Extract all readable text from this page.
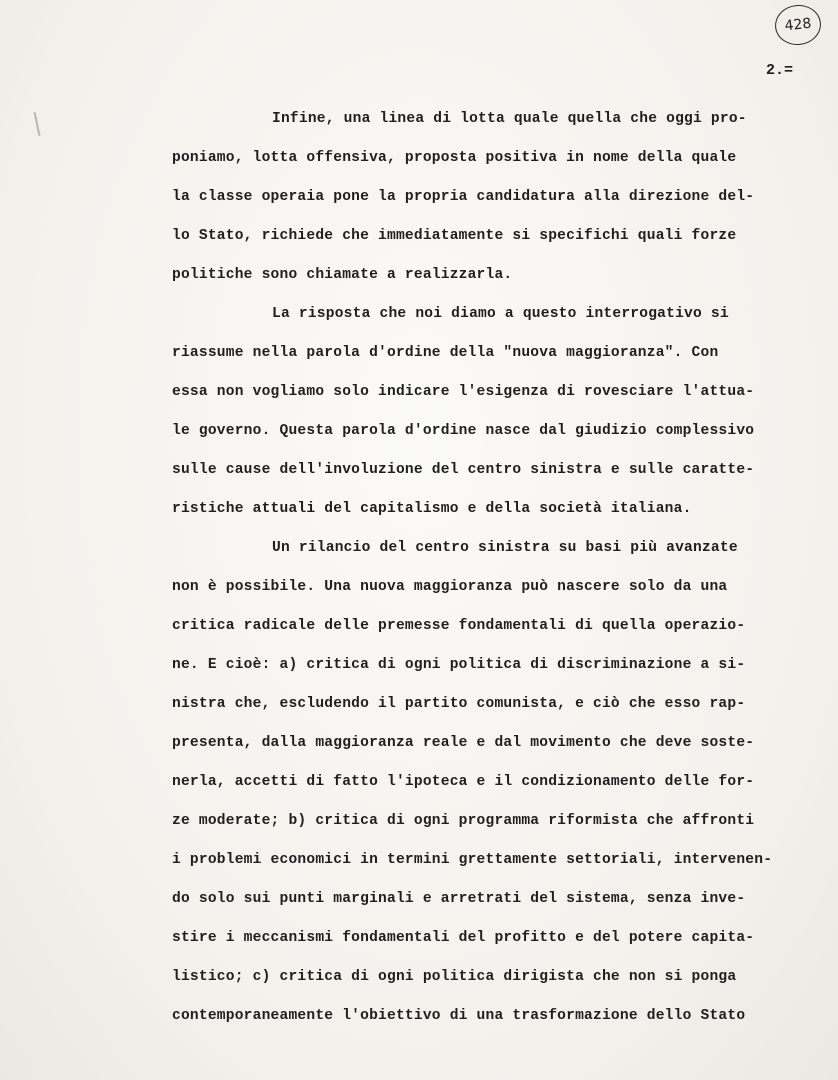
428
2.=
Infine, una linea di lotta quale quella che oggi pro-
poniamo, lotta offensiva, proposta positiva in nome della quale
la classe operaia pone la propria candidatura alla direzione del-
lo Stato, richiede che immediatamente si specifichi quali forze
politiche sono chiamate a realizzarla.
La risposta che noi diamo a questo interrogativo si
riassume nella parola d'ordine della "nuova maggioranza". Con
essa non vogliamo solo indicare l'esigenza di rovesciare l'attua-
le governo. Questa parola d'ordine nasce dal giudizio complessivo
sulle cause dell'involuzione del centro sinistra e sulle caratte-
ristiche attuali del capitalismo e della società italiana.
Un rilancio del centro sinistra su basi più avanzate
non è possibile. Una nuova maggioranza può nascere solo da una
critica radicale delle premesse fondamentali di quella operazio-
ne. E cioè: a) critica di ogni politica di discriminazione a si-
nistra che, escludendo il partito comunista, e ciò che esso rap-
presenta, dalla maggioranza reale e dal movimento che deve soste-
nerla, accetti di fatto l'ipoteca e il condizionamento delle for-
ze moderate; b) critica di ogni programma riformista che affronti
i problemi economici in termini grettamente settoriali, intervenen-
do solo sui punti marginali e arretrati del sistema, senza inve-
stire i meccanismi fondamentali del profitto e del potere capita-
listico; c) critica di ogni politica dirigista che non si ponga
contemporaneamente l'obiettivo di una trasformazione dello Stato
